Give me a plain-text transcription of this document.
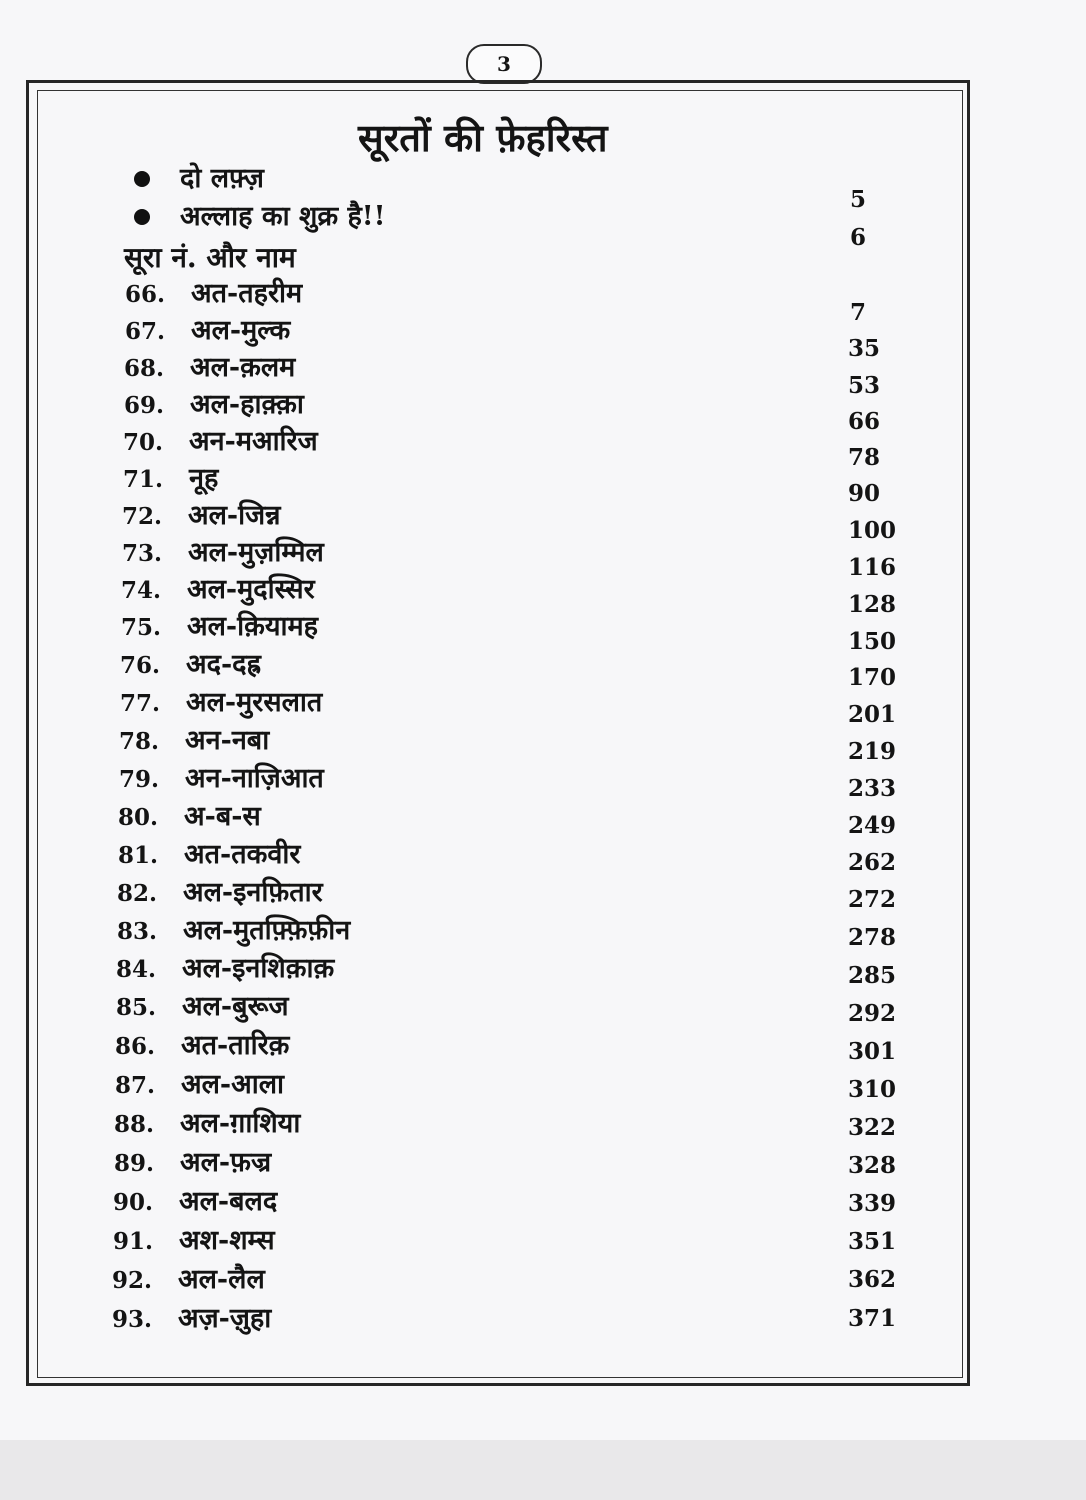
3
सूरतों की फ़ेहरिस्त
दो लफ़्ज़
अल्लाह का शुक्र है!!
5
6
सूरा नं. और नाम
66. अत-तहरीम
67. अल-मुल्क
68. अल-क़लम
69. अल-हाक़्क़ा
70. अन-मआरिज
71. नूह
72. अल-जिन्न
73. अल-मुज़म्मिल
74. अल-मुदस्सिर
75. अल-क़ियामह
76. अद-दह्र
77. अल-मुरसलात
78. अन-नबा
79. अन-नाज़िआत
80. अ-ब-स
81. अत-तकवीर
82. अल-इनफ़ितार
83. अल-मुतफ़्फ़िफ़ीन
84. अल-इनशिक़ाक़
85. अल-बुरूज
86. अत-तारिक़
87. अल-आला
88. अल-ग़ाशिया
89. अल-फ़ज्र
90. अल-बलद
91. अश-शम्स
92. अल-लैल
93. अज़-ज़ुहा
7
35
53
66
78
90
100
116
128
150
170
201
219
233
249
262
272
278
285
292
301
310
322
328
339
351
362
371
